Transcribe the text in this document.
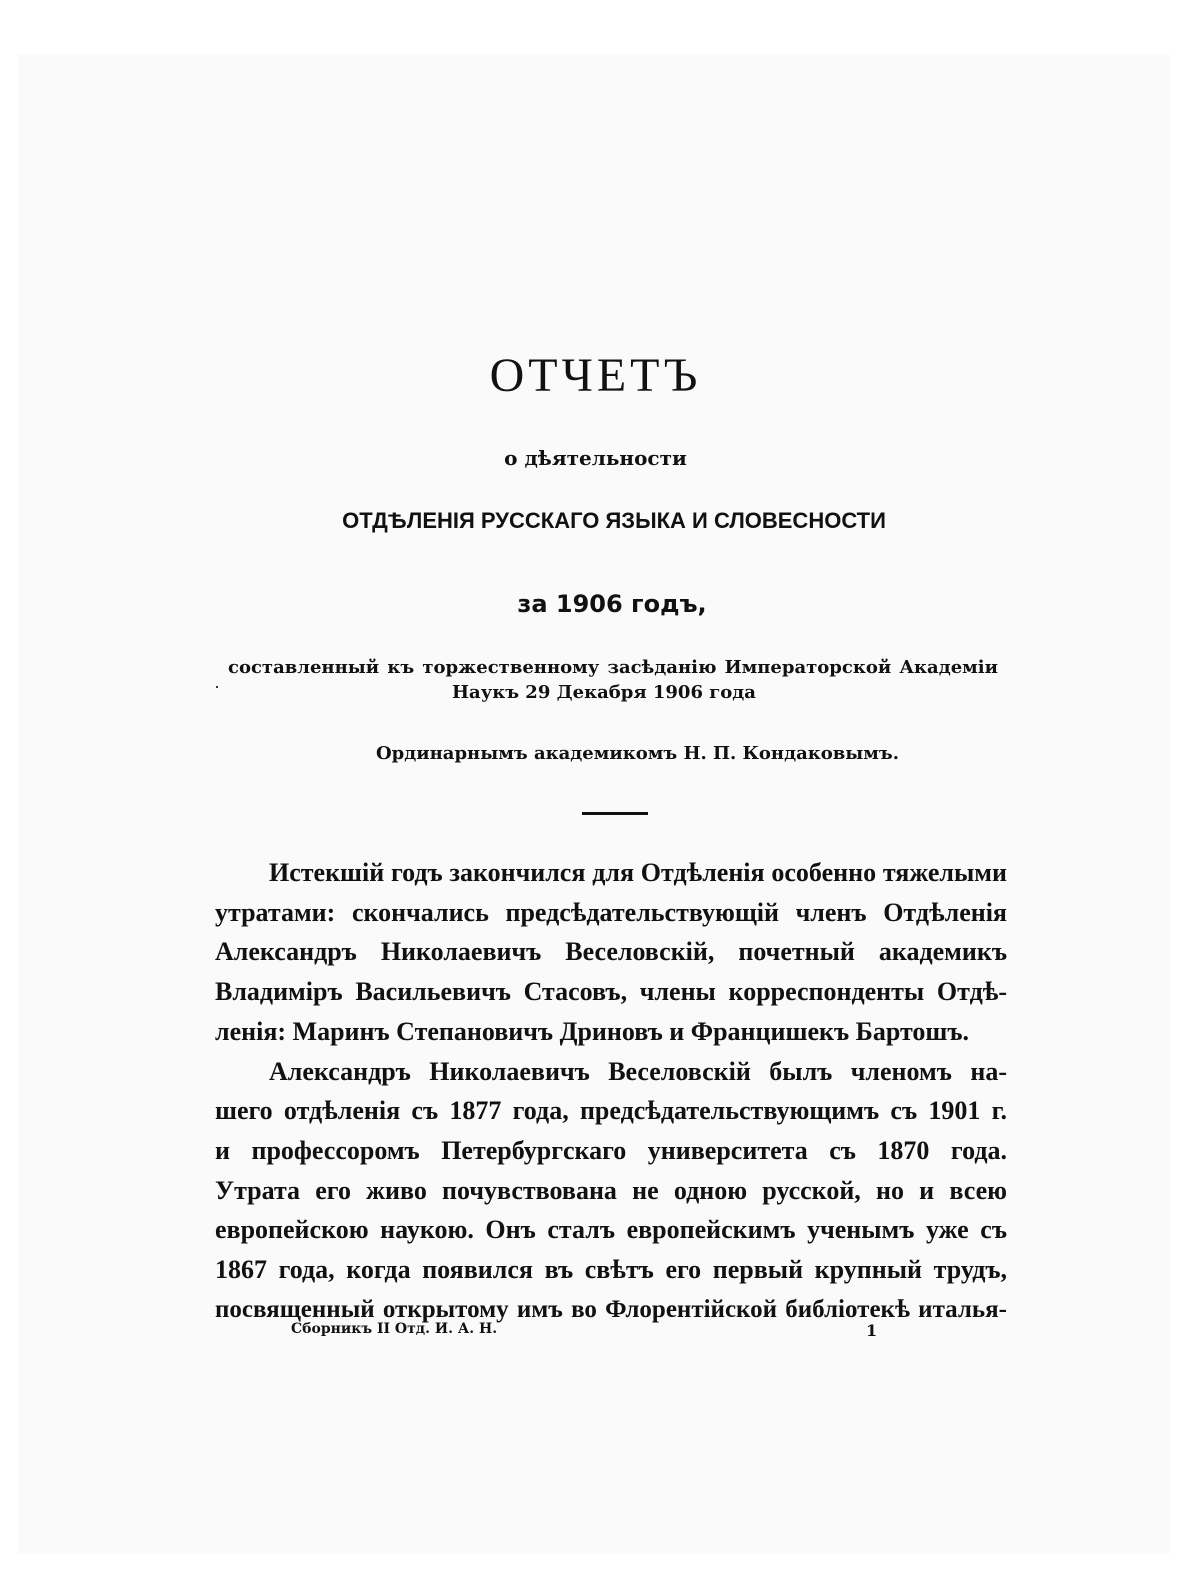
ОТЧЕТЪ
о дѣятельности
ОТДѢЛЕНІЯ РУССКАГО ЯЗЫКА И СЛОВЕСНОСТИ
за 1906 годъ,
составленный къ торжественному засѣданію Императорской Академіи
Наукъ 29 Декабря 1906 года
Ординарнымъ академикомъ Н. П. Кондаковымъ.
Истекшій годъ закончился для Отдѣленія особенно тяжелыми
утратами: скончались предсѣдательствующій членъ Отдѣленія
Александръ Николаевичъ Веселовскій, почетный академикъ
Владиміръ Васильевичъ Стасовъ, члены корреспонденты Отдѣ-
ленія: Маринъ Степановичъ Дриновъ и Францишекъ Бартошъ.
Александръ Николаевичъ Веселовскій былъ членомъ на-
шего отдѣленія съ 1877 года, предсѣдательствующимъ съ 1901 г.
и профессоромъ Петербургскаго университета съ 1870 года.
Утрата его живо почувствована не одною русской, но и всею
европейскою наукою. Онъ сталъ европейскимъ ученымъ уже съ
1867 года, когда появился въ свѣтъ его первый крупный трудъ,
посвященный открытому имъ во Флорентійской библіотекѣ италья-
Сборникъ II Отд. И. А. Н.	1
